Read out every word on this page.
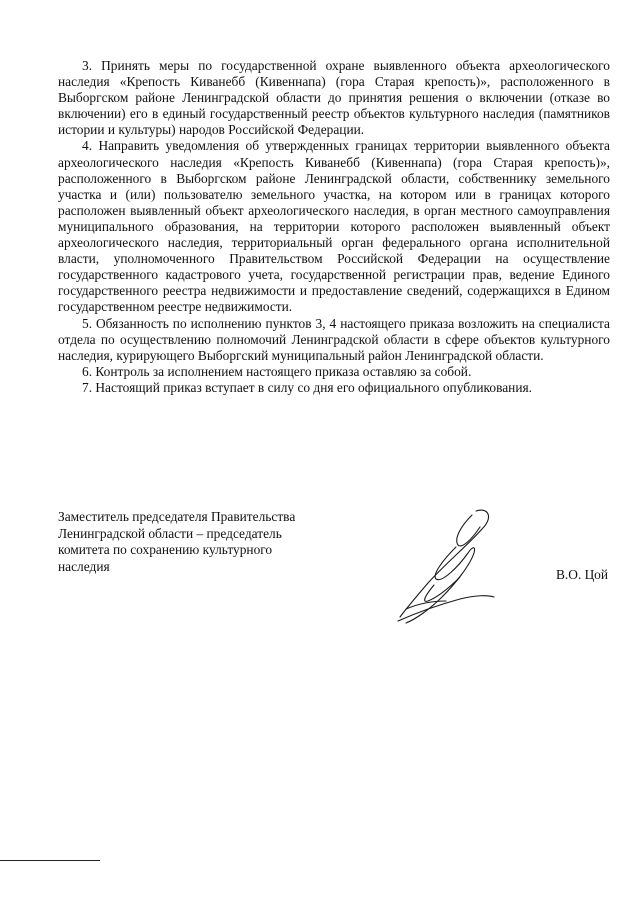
3. Принять меры по государственной охране выявленного объекта археологического наследия «Крепость Киванебб (Кивеннапа) (гора Старая крепость)», расположенного в Выборгском районе Ленинградской области до принятия решения о включении (отказе во включении) его в единый государственный реестр объектов культурного наследия (памятников истории и культуры) народов Российской Федерации.

4. Направить уведомления об утвержденных границах территории выявленного объекта археологического наследия «Крепость Киванебб (Кивеннапа) (гора Старая крепость)», расположенного в Выборгском районе Ленинградской области, собственнику земельного участка и (или) пользователю земельного участка, на котором или в границах которого расположен выявленный объект археологического наследия, в орган местного самоуправления муниципального образования, на территории которого расположен выявленный объект археологического наследия, территориальный орган федерального органа исполнительной власти, уполномоченного Правительством Российской Федерации на осуществление государственного кадастрового учета, государственной регистрации прав, ведение Единого государственного реестра недвижимости и предоставление сведений, содержащихся в Едином государственном реестре недвижимости.

5. Обязанность по исполнению пунктов 3, 4 настоящего приказа возложить на специалиста отдела по осуществлению полномочий Ленинградской области в сфере объектов культурного наследия, курирующего Выборгский муниципальный район Ленинградской области.

6. Контроль за исполнением настоящего приказа оставляю за собой.

7. Настоящий приказ вступает в силу со дня его официального опубликования.

Заместитель председателя Правительства
Ленинградской области – председатель
комитета по сохранению культурного
наследия
В.О. Цой
